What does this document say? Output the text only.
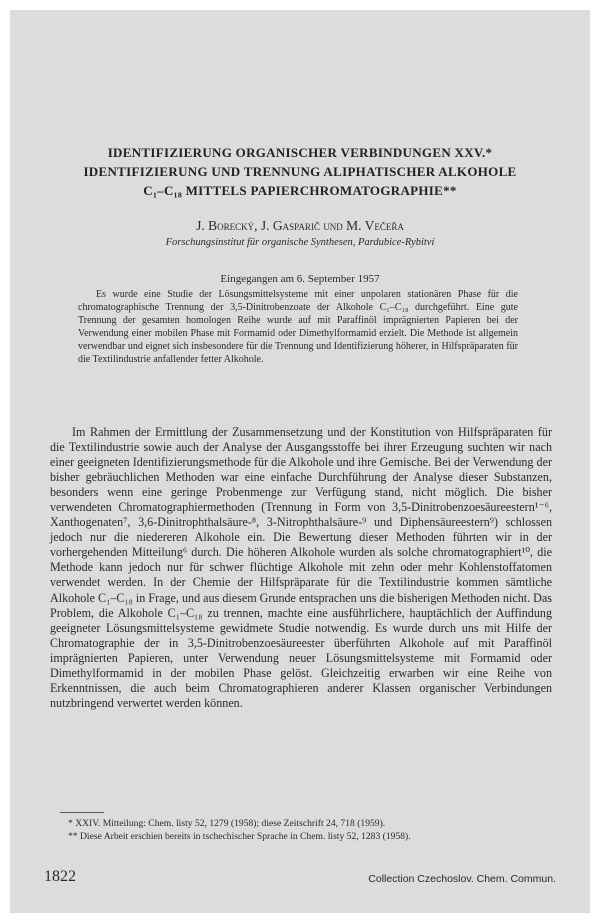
IDENTIFIZIERUNG ORGANISCHER VERBINDUNGEN XXV.*
IDENTIFIZIERUNG UND TRENNUNG ALIPHATISCHER ALKOHOLE
C₁–C₁₈ MITTELS PAPIERCHROMATOGRAPHIE**
J. Borecký, J. Gasparič und M. Večeřa
Forschungsinstitut für organische Synthesen, Pardubice-Rybitví
Eingegangen am 6. September 1957

Es wurde eine Studie der Lösungsmittelsysteme mit einer unpolaren stationären Phase für die chromatographische Trennung der 3,5-Dinitrobenzoate der Alkohole C₁–C₁₈ durchgeführt. Eine gute Trennung der gesamten homologen Reihe wurde auf mit Paraffinöl imprägnierten Papieren bei der Verwendung einer mobilen Phase mit Formamid oder Dimethylformamid erzielt. Die Methode ist allgemein verwendbar und eignet sich insbesondere für die Trennung und Identifizierung höherer, in Hilfspräparaten für die Textilindustrie anfallender fetter Alkohole.

Im Rahmen der Ermittlung der Zusammensetzung und der Konstitution von Hilfspräparaten für die Textilindustrie sowie auch der Analyse der Ausgangsstoffe bei ihrer Erzeugung suchten wir nach einer geeigneten Identifizierungsmethode für die Alkohole und ihre Gemische. Bei der Verwendung der bisher gebräuchlichen Methoden war eine einfache Durchführung der Analyse dieser Substanzen, besonders wenn eine geringe Probenmenge zur Verfügung stand, nicht möglich. Die bisher verwendeten Chromatographiermethoden (Trennung in Form von 3,5-Dinitrobenzoesäureestern¹⁻⁶, Xanthogenaten⁷, 3,6-Dinitrophthalsäure-⁸, 3-Nitrophthalsäure-⁹ und Diphensäureestern⁹) schlossen jedoch nur die niedereren Alkohole ein. Die Bewertung dieser Methoden führten wir in der vorhergehenden Mitteilung⁶ durch. Die höheren Alkohole wurden als solche chromatographiert¹⁰, die Methode kann jedoch nur für schwer flüchtige Alkohole mit zehn oder mehr Kohlenstoffatomen verwendet werden. In der Chemie der Hilfspräparate für die Textilindustrie kommen sämtliche Alkohole C₁–C₁₈ in Frage, und aus diesem Grunde entsprachen uns die bisherigen Methoden nicht. Das Problem, die Alkohole C₁–C₁₈ zu trennen, machte eine ausführlichere, hauptächlich der Auffindung geeigneter Lösungsmittelsysteme gewidmete Studie notwendig. Es wurde durch uns mit Hilfe der Chromatographie der in 3,5-Dinitrobenzoesäureester überführten Alkohole auf mit Paraffinöl imprägnierten Papieren, unter Verwendung neuer Lösungsmittelsysteme mit Formamid oder Dimethylformamid in der mobilen Phase gelöst. Gleichzeitig erwarben wir eine Reihe von Erkenntnissen, die auch beim Chromatographieren anderer Klassen organischer Verbindungen nutzbringend verwertet werden können.

* XXIV. Mitteilung: Chem. listy 52, 1279 (1958); diese Zeitschrift 24, 718 (1959).
** Diese Arbeit erschien bereits in tschechischer Sprache in Chem. listy 52, 1283 (1958).
1822	Collection Czechoslov. Chem. Commun.
